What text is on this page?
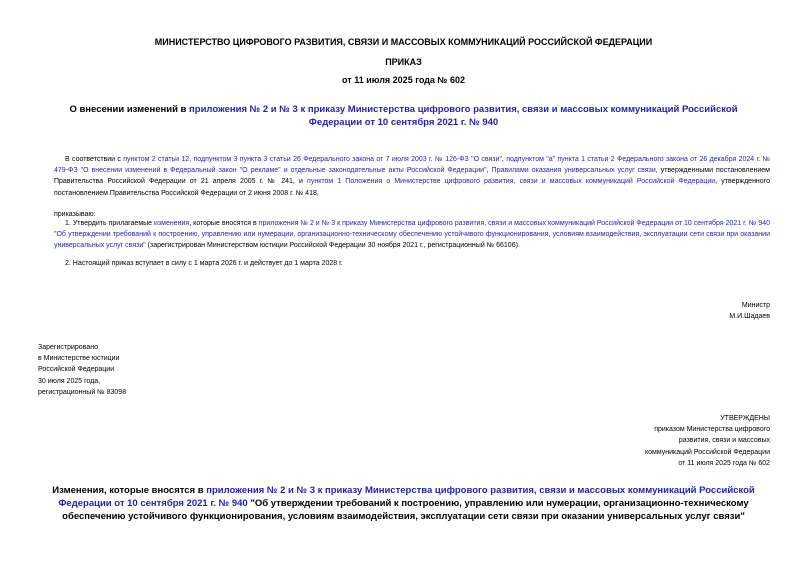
МИНИСТЕРСТВО ЦИФРОВОГО РАЗВИТИЯ, СВЯЗИ И МАССОВЫХ КОММУНИКАЦИЙ РОССИЙСКОЙ ФЕДЕРАЦИИ
ПРИКАЗ
от 11 июля 2025 года № 602
О внесении изменений в приложения № 2 и № 3 к приказу Министерства цифрового развития, связи и массовых коммуникаций Российской Федерации от 10 сентября 2021 г. № 940
В соответствии с пунктом 2 статьи 12, подпунктом 3 пункта 3 статьи 26 Федерального закона от 7 июля 2003 г. № 126-ФЗ "О связи", подпунктом "а" пункта 1 статьи 2 Федерального закона от 26 декабря 2024 г. № 479-ФЗ "О внесении изменений в Федеральный закон "О рекламе" и отдельные законодательные акты Российской Федерации", Правилами оказания универсальных услуг связи, утвержденными постановлением Правительства Российской Федерации от 21 апреля 2005 г. № 241, и пунктом 1 Положения о Министерстве цифрового развития, связи и массовых коммуникаций Российской Федерации, утвержденного постановлением Правительства Российской Федерации от 2 июня 2008 г. № 418,
приказываю:
1. Утвердить прилагаемые изменения, которые вносятся в приложения № 2 и № 3 к приказу Министерства цифрового развития, связи и массовых коммуникаций Российской Федерации от 10 сентября 2021 г. № 940 "Об утверждении требований к построению, управлению или нумерации, организационно-техническому обеспечению устойчивого функционирования, условиям взаимодействия, эксплуатации сети связи при оказании универсальных услуг связи" (зарегистрирован Министерством юстиции Российской Федерации 30 ноября 2021 г., регистрационный № 66106).
2. Настоящий приказ вступает в силу с 1 марта 2026 г. и действует до 1 марта 2028 г.
Министр
М.И.Шадаев
Зарегистрировано
в Министерстве юстиции
Российской Федерации
30 июля 2025 года,
регистрационный № 83098
УТВЕРЖДЕНЫ
приказом Министерства цифрового
развития, связи и массовых
коммуникаций Российской Федерации
от 11 июля 2025 года № 602
Изменения, которые вносятся в приложения № 2 и № 3 к приказу Министерства цифрового развития, связи и массовых коммуникаций Российской Федерации от 10 сентября 2021 г. № 940 "Об утверждении требований к построению, управлению или нумерации, организационно-техническому обеспечению устойчивого функционирования, условиям взаимодействия, эксплуатации сети связи при оказании универсальных услуг связи"
